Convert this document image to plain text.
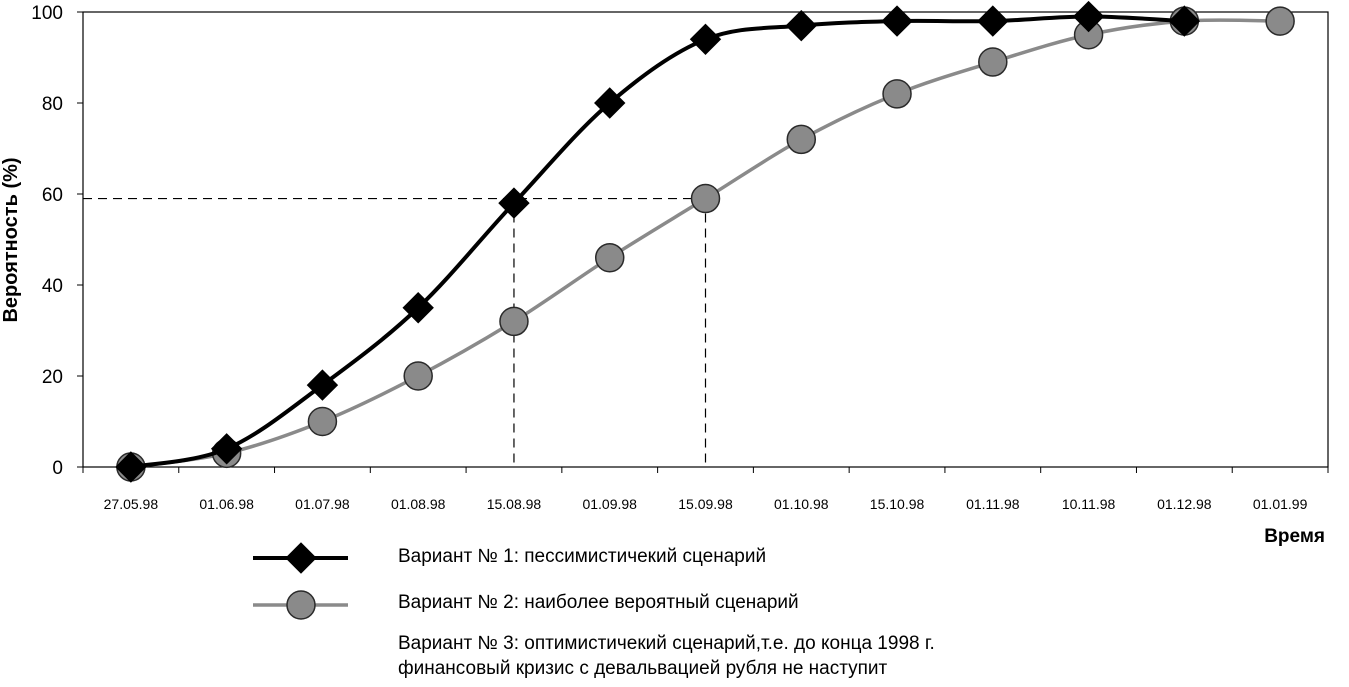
0
20
40
60
80
100
27.05.98	01.06.98	01.07.98	01.08.98	15.08.98	01.09.98	15.09.98	01.10.98	15.10.98	01.11.98	10.11.98	01.12.98	01.01.99
Вероятность (%)
Время
Вариант № 1: пессимистичекий сценарий
Вариант № 2: наиболее вероятный сценарий
Вариант № 3: оптимистичекий сценарий,т.е. до конца 1998 г.
финансовый кризис с девальвацией рубля не наступит
